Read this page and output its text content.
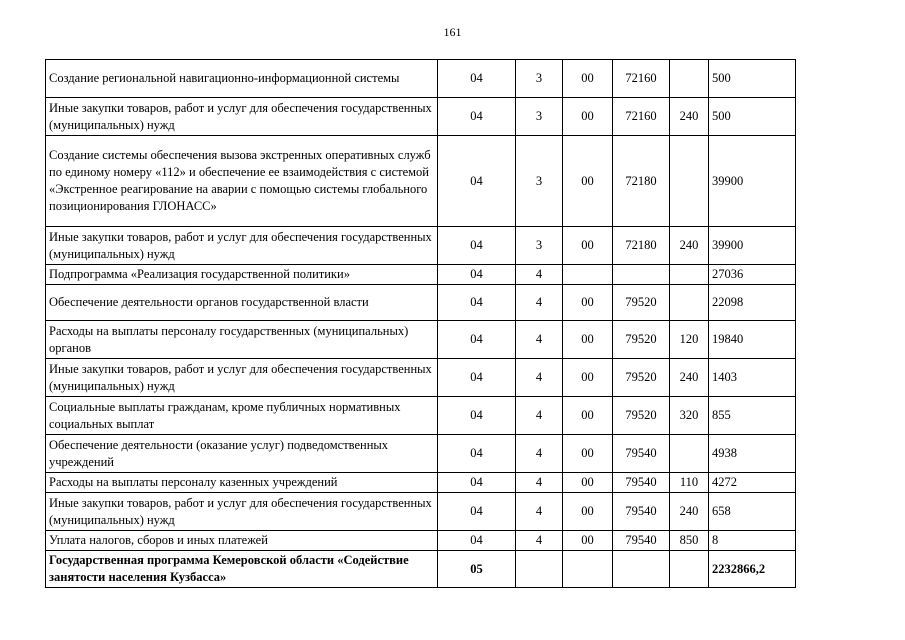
161
Создание региональной навигационно-информационной системы	04	3	00	72160		500
Иные закупки товаров, работ и услуг для обеспечения государственных (муниципальных) нужд	04	3	00	72160	240	500
Создание системы обеспечения вызова экстренных оперативных служб по единому номеру «112» и обеспечение ее взаимодействия с системой «Экстренное реагирование на аварии с помощью системы глобального позиционирования ГЛОНАСС»	04	3	00	72180		39900
Иные закупки товаров, работ и услуг для обеспечения государственных (муниципальных) нужд	04	3	00	72180	240	39900
Подпрограмма «Реализация государственной политики»	04	4				27036
Обеспечение деятельности органов государственной власти	04	4	00	79520		22098
Расходы на выплаты персоналу государственных (муниципальных) органов	04	4	00	79520	120	19840
Иные закупки товаров, работ и услуг для обеспечения государственных (муниципальных) нужд	04	4	00	79520	240	1403
Социальные выплаты гражданам, кроме публичных нормативных социальных выплат	04	4	00	79520	320	855
Обеспечение деятельности (оказание услуг) подведомственных учреждений	04	4	00	79540		4938
Расходы на выплаты персоналу казенных учреждений	04	4	00	79540	110	4272
Иные закупки товаров, работ и услуг для обеспечения государственных (муниципальных) нужд	04	4	00	79540	240	658
Уплата налогов, сборов и иных платежей	04	4	00	79540	850	8
Государственная программа Кемеровской области «Содействие занятости населения Кузбасса»	05					2232866,2
